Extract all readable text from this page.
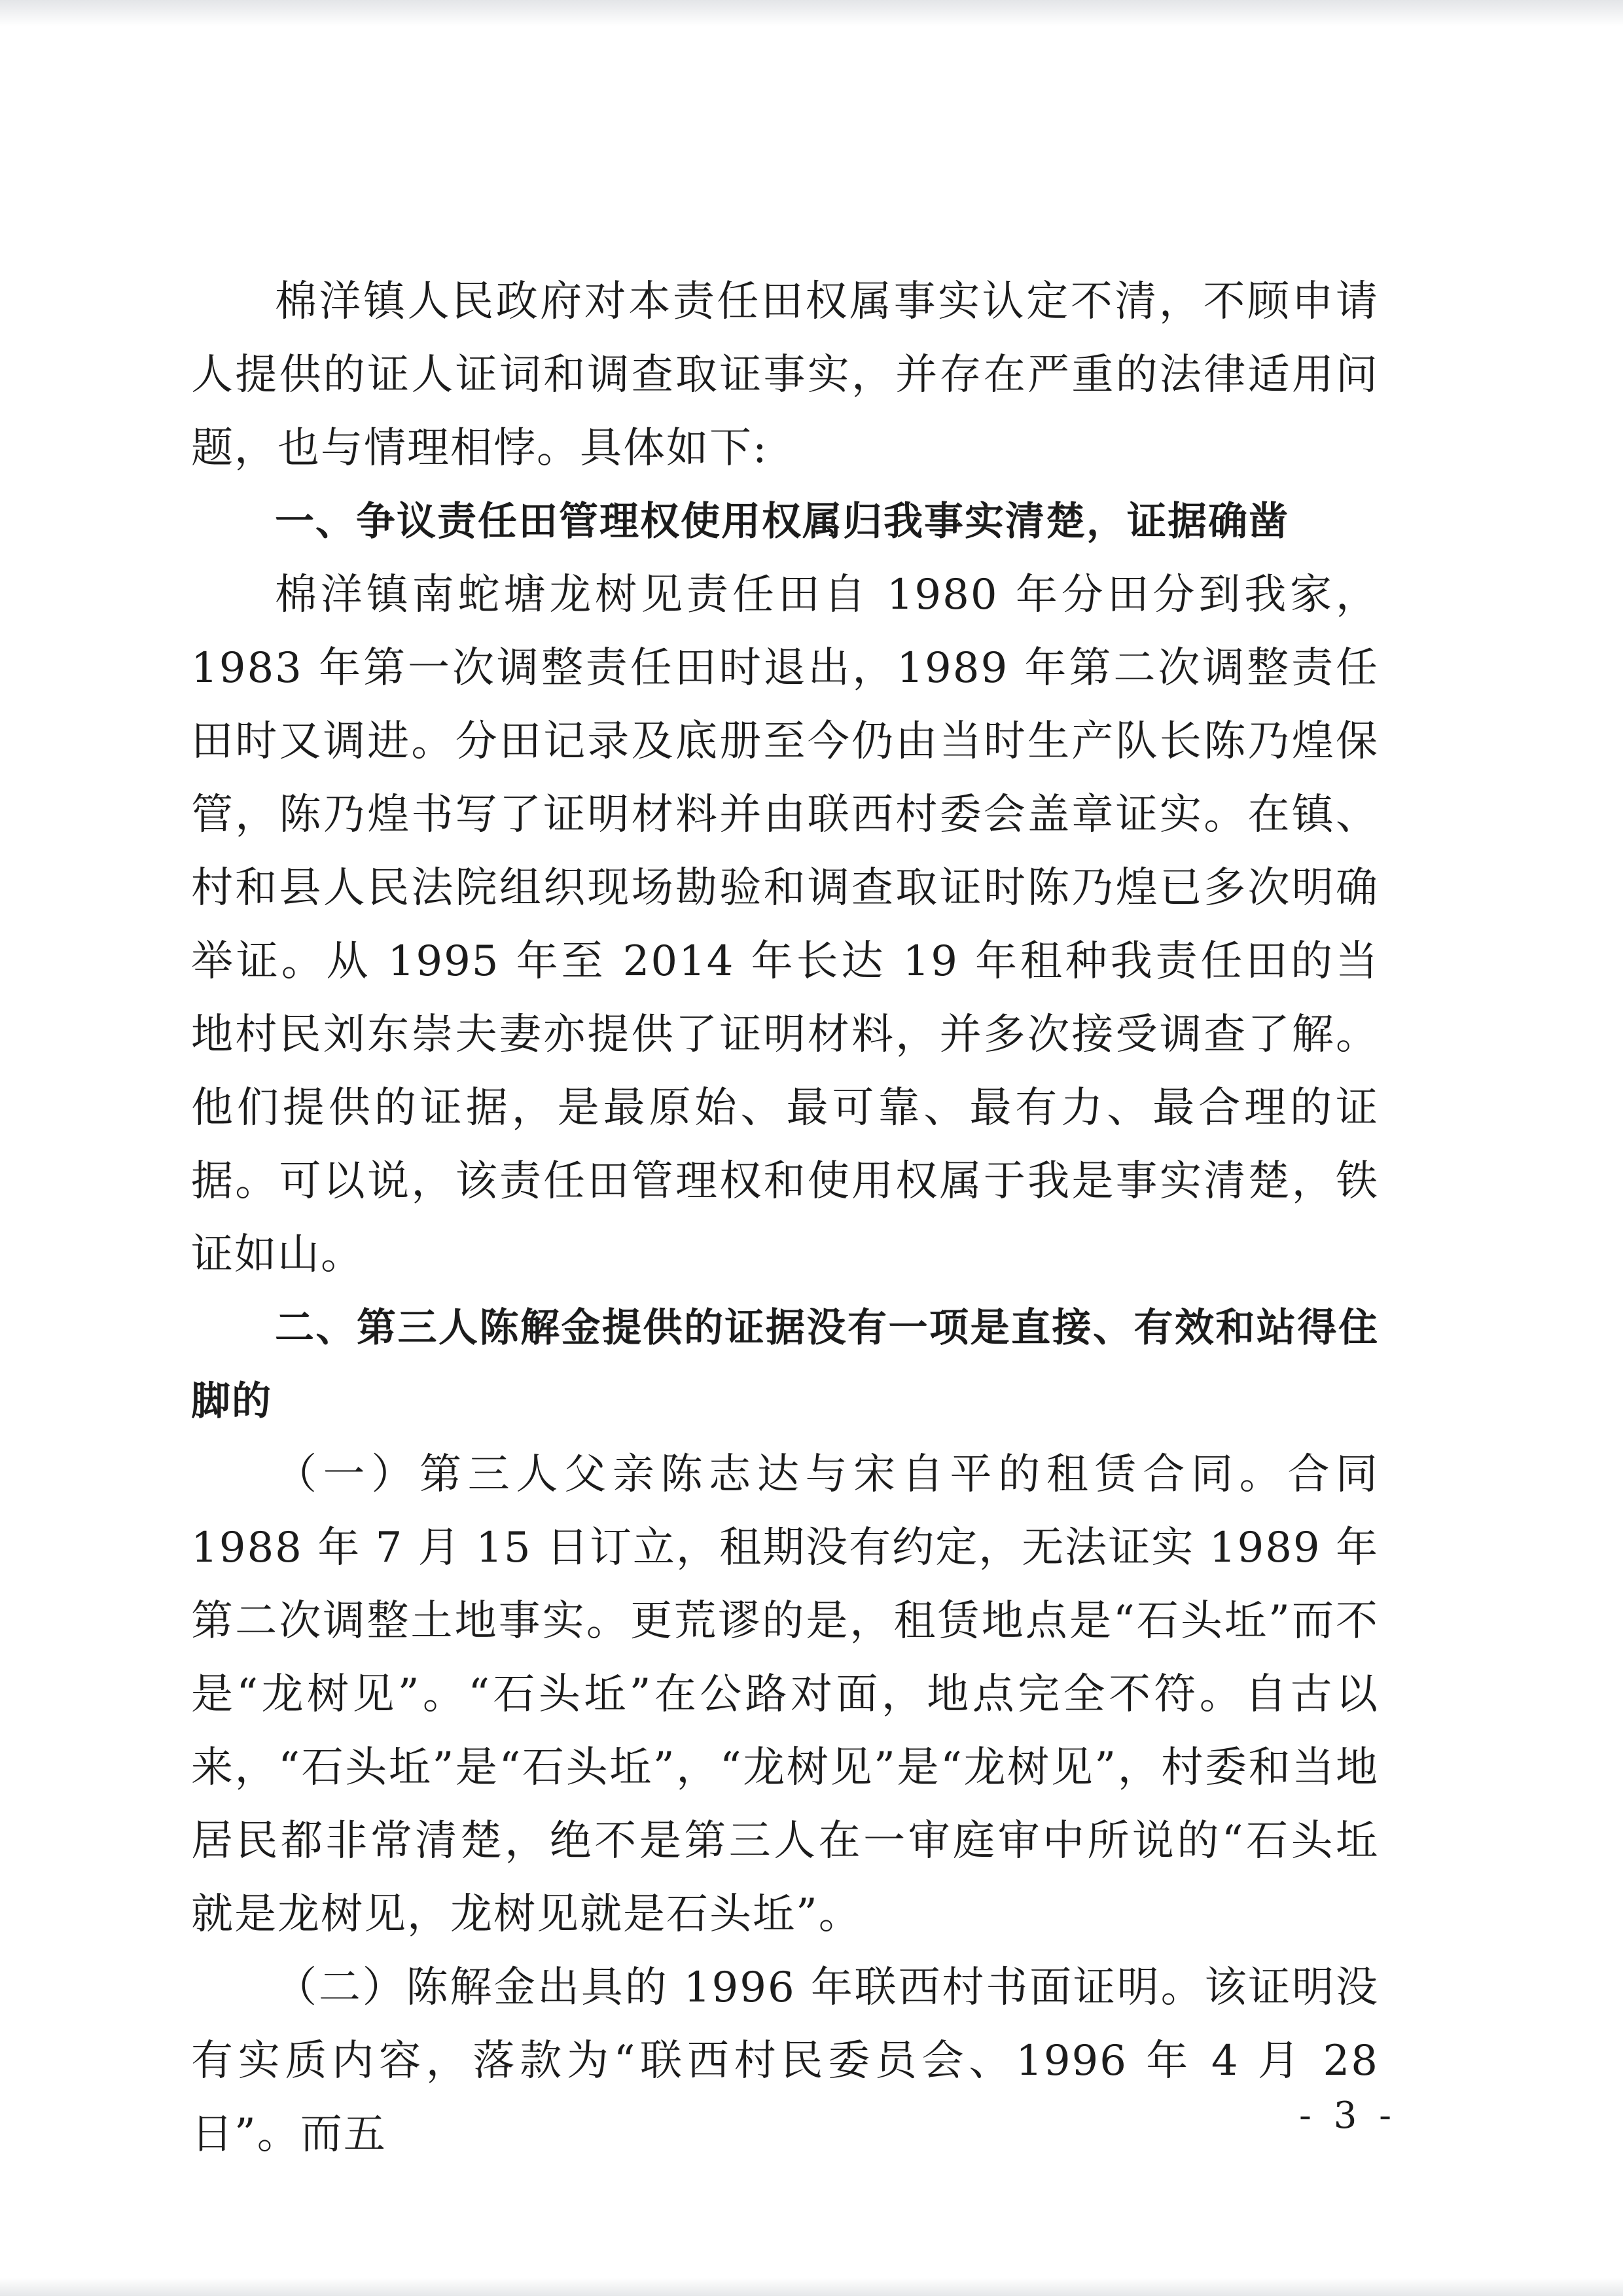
棉洋镇人民政府对本责任田权属事实认定不清，不顾申请人提供的证人证词和调查取证事实，并存在严重的法律适用问题，也与情理相悖。具体如下:

一、争议责任田管理权使用权属归我事实清楚，证据确凿

棉洋镇南蛇塘龙树见责任田自 1980 年分田分到我家，1983 年第一次调整责任田时退出，1989 年第二次调整责任田时又调进。分田记录及底册至今仍由当时生产队长陈乃煌保管，陈乃煌书写了证明材料并由联西村委会盖章证实。在镇、村和县人民法院组织现场勘验和调查取证时陈乃煌已多次明确举证。从 1995 年至 2014 年长达 19 年租种我责任田的当地村民刘东崇夫妻亦提供了证明材料，并多次接受调查了解。他们提供的证据，是最原始、最可靠、最有力、最合理的证据。可以说，该责任田管理权和使用权属于我是事实清楚，铁证如山。

二、第三人陈解金提供的证据没有一项是直接、有效和站得住脚的

（一）第三人父亲陈志达与宋自平的租赁合同。合同 1988 年 7 月 15 日订立，租期没有约定，无法证实 1989 年第二次调整土地事实。更荒谬的是，租赁地点是“石头坵”而不是“龙树见”。“石头坵”在公路对面，地点完全不符。自古以来，“石头坵”是“石头坵”，“龙树见”是“龙树见”，村委和当地居民都非常清楚，绝不是第三人在一审庭审中所说的“石头坵就是龙树见，龙树见就是石头坵”。

（二）陈解金出具的 1996 年联西村书面证明。该证明没有实质内容，落款为“联西村民委员会、1996 年 4 月 28 日”。而五	- 3 -
